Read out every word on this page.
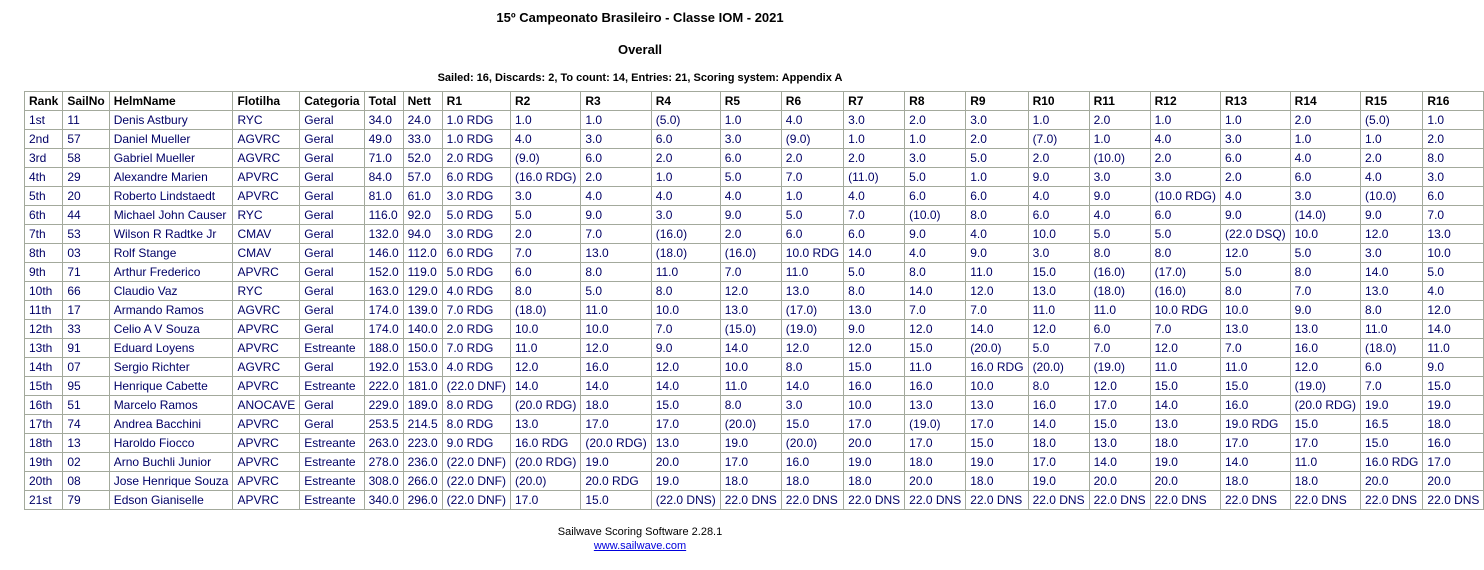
15º Campeonato Brasileiro - Classe IOM - 2021
Overall
Sailed: 16, Discards: 2, To count: 14, Entries: 21, Scoring system: Appendix A
Rank	SailNo	HelmName	Flotilha	Categoria	Total	Nett	R1	R2	R3	R4	R5	R6	R7	R8	R9	R10	R11	R12	R13	R14	R15	R16
1st	11	Denis Astbury	RYC	Geral	34.0	24.0	1.0 RDG	1.0	1.0	(5.0)	1.0	4.0	3.0	2.0	3.0	1.0	2.0	1.0	1.0	2.0	(5.0)	1.0
2nd	57	Daniel Mueller	AGVRC	Geral	49.0	33.0	1.0 RDG	4.0	3.0	6.0	3.0	(9.0)	1.0	1.0	2.0	(7.0)	1.0	4.0	3.0	1.0	1.0	2.0
3rd	58	Gabriel Mueller	AGVRC	Geral	71.0	52.0	2.0 RDG	(9.0)	6.0	2.0	6.0	2.0	2.0	3.0	5.0	2.0	(10.0)	2.0	6.0	4.0	2.0	8.0
4th	29	Alexandre Marien	APVRC	Geral	84.0	57.0	6.0 RDG	(16.0 RDG)	2.0	1.0	5.0	7.0	(11.0)	5.0	1.0	9.0	3.0	3.0	2.0	6.0	4.0	3.0
5th	20	Roberto Lindstaedt	APVRC	Geral	81.0	61.0	3.0 RDG	3.0	4.0	4.0	4.0	1.0	4.0	6.0	6.0	4.0	9.0	(10.0 RDG)	4.0	3.0	(10.0)	6.0
6th	44	Michael John Causer	RYC	Geral	116.0	92.0	5.0 RDG	5.0	9.0	3.0	9.0	5.0	7.0	(10.0)	8.0	6.0	4.0	6.0	9.0	(14.0)	9.0	7.0
7th	53	Wilson R Radtke Jr	CMAV	Geral	132.0	94.0	3.0 RDG	2.0	7.0	(16.0)	2.0	6.0	6.0	9.0	4.0	10.0	5.0	5.0	(22.0 DSQ)	10.0	12.0	13.0
8th	03	Rolf Stange	CMAV	Geral	146.0	112.0	6.0 RDG	7.0	13.0	(18.0)	(16.0)	10.0 RDG	14.0	4.0	9.0	3.0	8.0	8.0	12.0	5.0	3.0	10.0
9th	71	Arthur Frederico	APVRC	Geral	152.0	119.0	5.0 RDG	6.0	8.0	11.0	7.0	11.0	5.0	8.0	11.0	15.0	(16.0)	(17.0)	5.0	8.0	14.0	5.0
10th	66	Claudio Vaz	RYC	Geral	163.0	129.0	4.0 RDG	8.0	5.0	8.0	12.0	13.0	8.0	14.0	12.0	13.0	(18.0)	(16.0)	8.0	7.0	13.0	4.0
11th	17	Armando Ramos	AGVRC	Geral	174.0	139.0	7.0 RDG	(18.0)	11.0	10.0	13.0	(17.0)	13.0	7.0	7.0	11.0	11.0	10.0 RDG	10.0	9.0	8.0	12.0
12th	33	Celio A V Souza	APVRC	Geral	174.0	140.0	2.0 RDG	10.0	10.0	7.0	(15.0)	(19.0)	9.0	12.0	14.0	12.0	6.0	7.0	13.0	13.0	11.0	14.0
13th	91	Eduard Loyens	APVRC	Estreante	188.0	150.0	7.0 RDG	11.0	12.0	9.0	14.0	12.0	12.0	15.0	(20.0)	5.0	7.0	12.0	7.0	16.0	(18.0)	11.0
14th	07	Sergio Richter	AGVRC	Geral	192.0	153.0	4.0 RDG	12.0	16.0	12.0	10.0	8.0	15.0	11.0	16.0 RDG	(20.0)	(19.0)	11.0	11.0	12.0	6.0	9.0
15th	95	Henrique Cabette	APVRC	Estreante	222.0	181.0	(22.0 DNF)	14.0	14.0	14.0	11.0	14.0	16.0	16.0	10.0	8.0	12.0	15.0	15.0	(19.0)	7.0	15.0
16th	51	Marcelo Ramos	ANOCAVE	Geral	229.0	189.0	8.0 RDG	(20.0 RDG)	18.0	15.0	8.0	3.0	10.0	13.0	13.0	16.0	17.0	14.0	16.0	(20.0 RDG)	19.0	19.0
17th	74	Andrea Bacchini	APVRC	Geral	253.5	214.5	8.0 RDG	13.0	17.0	17.0	(20.0)	15.0	17.0	(19.0)	17.0	14.0	15.0	13.0	19.0 RDG	15.0	16.5	18.0
18th	13	Haroldo Fiocco	APVRC	Estreante	263.0	223.0	9.0 RDG	16.0 RDG	(20.0 RDG)	13.0	19.0	(20.0)	20.0	17.0	15.0	18.0	13.0	18.0	17.0	17.0	15.0	16.0
19th	02	Arno Buchli Junior	APVRC	Estreante	278.0	236.0	(22.0 DNF)	(20.0 RDG)	19.0	20.0	17.0	16.0	19.0	18.0	19.0	17.0	14.0	19.0	14.0	11.0	16.0 RDG	17.0
20th	08	Jose Henrique Souza	APVRC	Estreante	308.0	266.0	(22.0 DNF)	(20.0)	20.0 RDG	19.0	18.0	18.0	18.0	20.0	18.0	19.0	20.0	20.0	18.0	18.0	20.0	20.0
21st	79	Edson Gianiselle	APVRC	Estreante	340.0	296.0	(22.0 DNF)	17.0	15.0	(22.0 DNS)	22.0 DNS	22.0 DNS	22.0 DNS	22.0 DNS	22.0 DNS	22.0 DNS	22.0 DNS	22.0 DNS	22.0 DNS	22.0 DNS	22.0 DNS	22.0 DNS
Sailwave Scoring Software 2.28.1
www.sailwave.com
